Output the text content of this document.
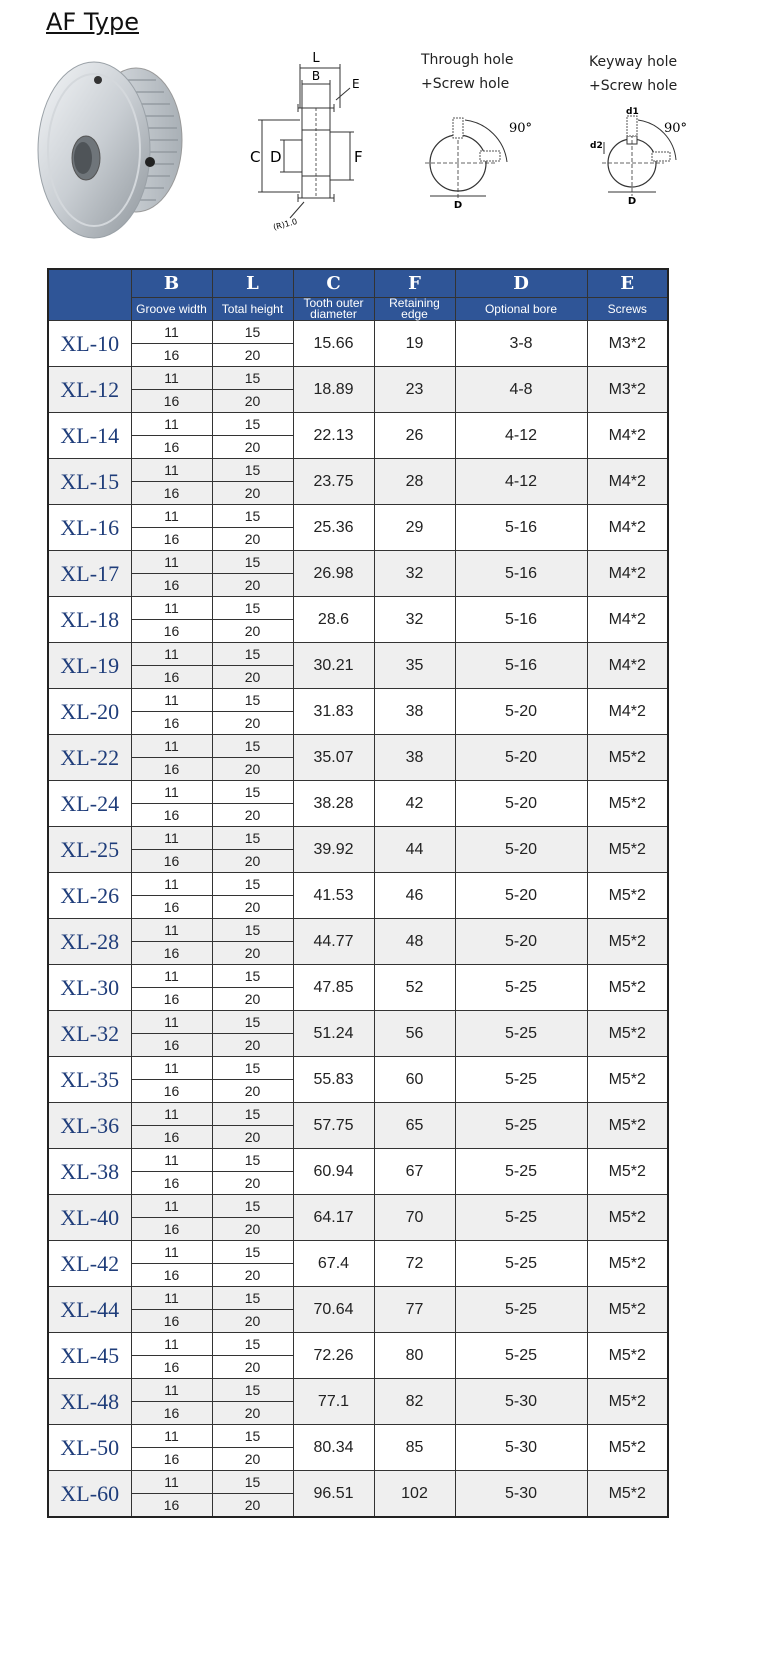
AF Type
L
B
E
C D	F
(R)1.0
Through hole
+Screw hole
90°
D
Keyway hole
+Screw hole
90°
d1
d2
D
	B	L	C	F	D	E
	Groove width	Total height	Tooth outer diameter	Retaining edge	Optional bore	Screws
XL-10	11	15	15.66	19	3-8	M3*2
	16	20				
XL-12	11	15	18.89	23	4-8	M3*2
	16	20				
XL-14	11	15	22.13	26	4-12	M4*2
	16	20				
XL-15	11	15	23.75	28	4-12	M4*2
	16	20				
XL-16	11	15	25.36	29	5-16	M4*2
	16	20				
XL-17	11	15	26.98	32	5-16	M4*2
	16	20				
XL-18	11	15	28.6	32	5-16	M4*2
	16	20				
XL-19	11	15	30.21	35	5-16	M4*2
	16	20				
XL-20	11	15	31.83	38	5-20	M4*2
	16	20				
XL-22	11	15	35.07	38	5-20	M5*2
	16	20				
XL-24	11	15	38.28	42	5-20	M5*2
	16	20				
XL-25	11	15	39.92	44	5-20	M5*2
	16	20				
XL-26	11	15	41.53	46	5-20	M5*2
	16	20				
XL-28	11	15	44.77	48	5-20	M5*2
	16	20				
XL-30	11	15	47.85	52	5-25	M5*2
	16	20				
XL-32	11	15	51.24	56	5-25	M5*2
	16	20				
XL-35	11	15	55.83	60	5-25	M5*2
	16	20				
XL-36	11	15	57.75	65	5-25	M5*2
	16	20				
XL-38	11	15	60.94	67	5-25	M5*2
	16	20				
XL-40	11	15	64.17	70	5-25	M5*2
	16	20				
XL-42	11	15	67.4	72	5-25	M5*2
	16	20				
XL-44	11	15	70.64	77	5-25	M5*2
	16	20				
XL-45	11	15	72.26	80	5-25	M5*2
	16	20				
XL-48	11	15	77.1	82	5-30	M5*2
	16	20				
XL-50	11	15	80.34	85	5-30	M5*2
	16	20				
XL-60	11	15	96.51	102	5-30	M5*2
	16	20				
